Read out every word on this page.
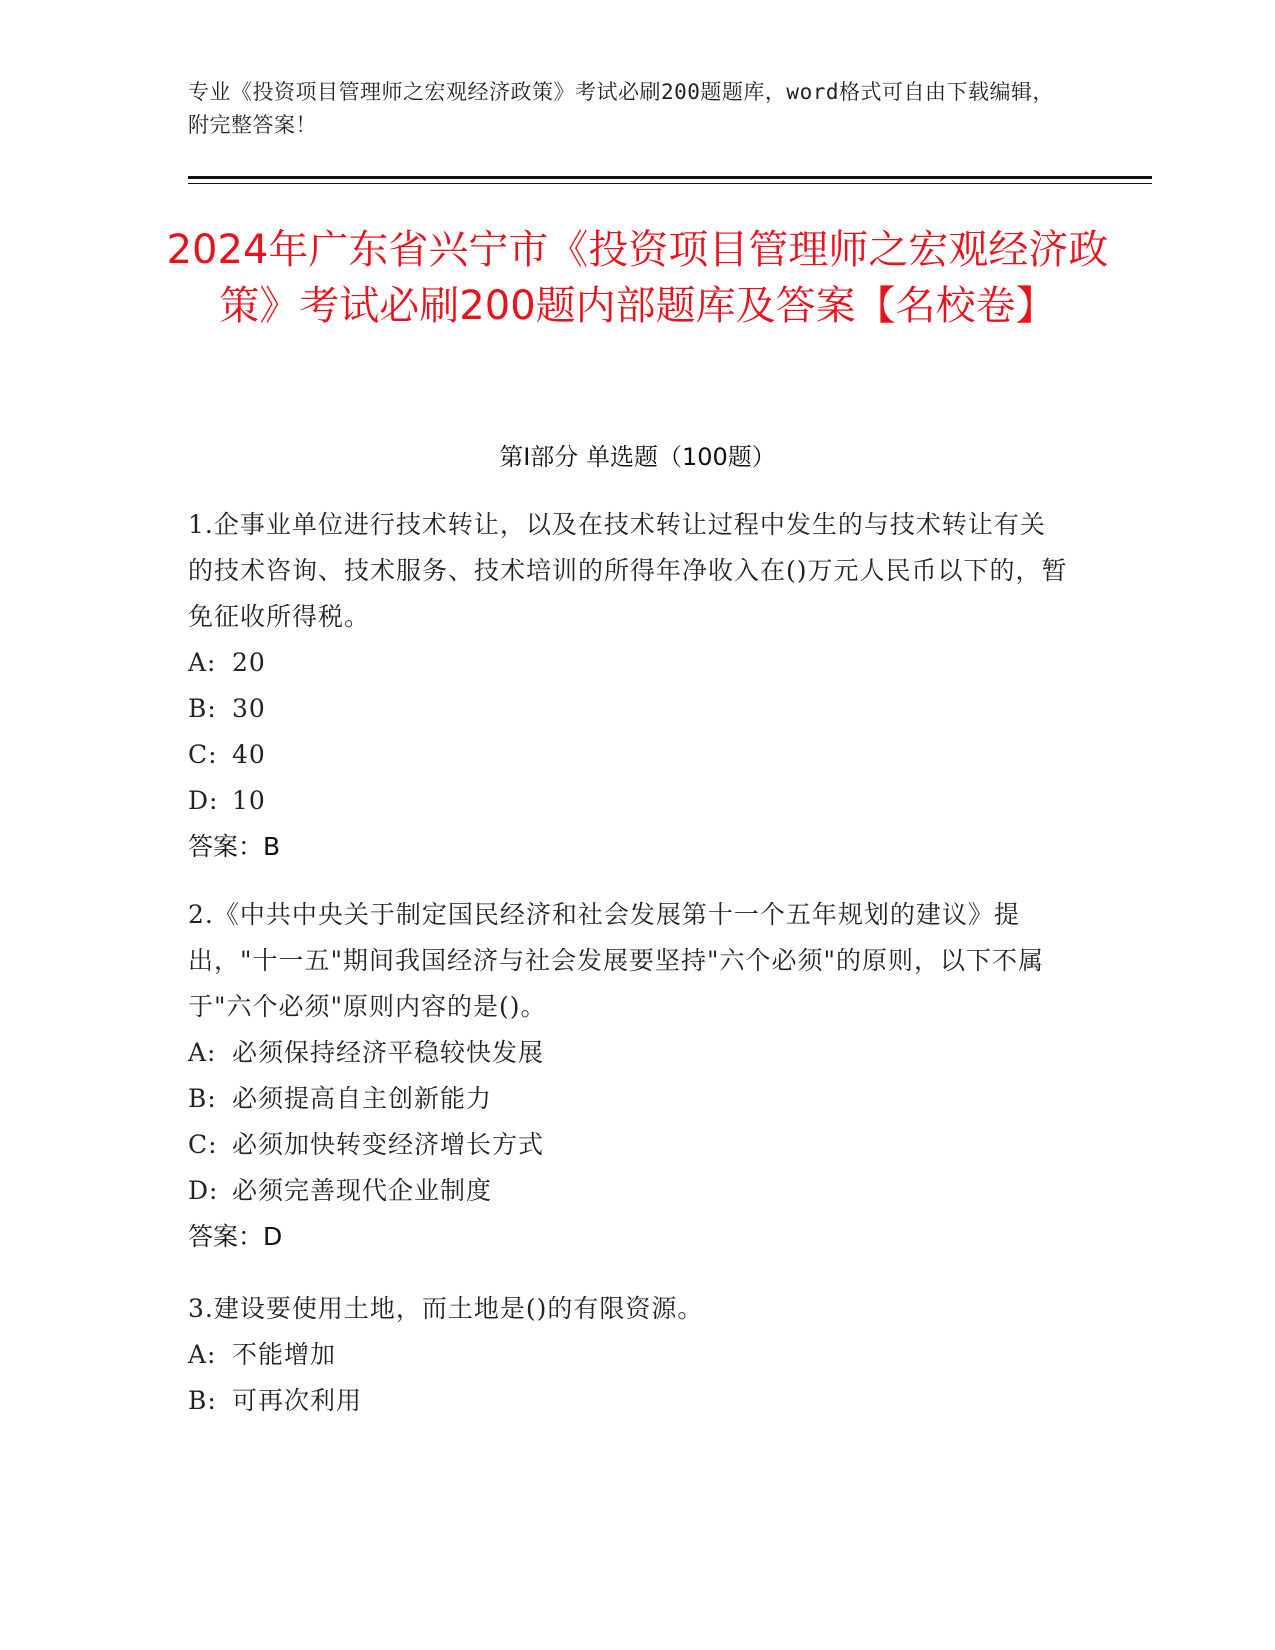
专业《投资项目管理师之宏观经济政策》考试必刷200题题库，word格式可自由下载编辑，附完整答案！
2024年广东省兴宁市《投资项目管理师之宏观经济政策》考试必刷200题内部题库及答案【名校卷】
第I部分 单选题（100题）
1.企事业单位进行技术转让，以及在技术转让过程中发生的与技术转让有关的技术咨询、技术服务、技术培训的所得年净收入在()万元人民币以下的，暂免征收所得税。
A: 20
B: 30
C: 40
D: 10
答案：B
2.《中共中央关于制定国民经济和社会发展第十一个五年规划的建议》提出，"十一五"期间我国经济与社会发展要坚持"六个必须"的原则，以下不属于"六个必须"原则内容的是()。
A: 必须保持经济平稳较快发展
B: 必须提高自主创新能力
C: 必须加快转变经济增长方式
D: 必须完善现代企业制度
答案：D
3.建设要使用土地，而土地是()的有限资源。
A: 不能增加
B: 可再次利用
